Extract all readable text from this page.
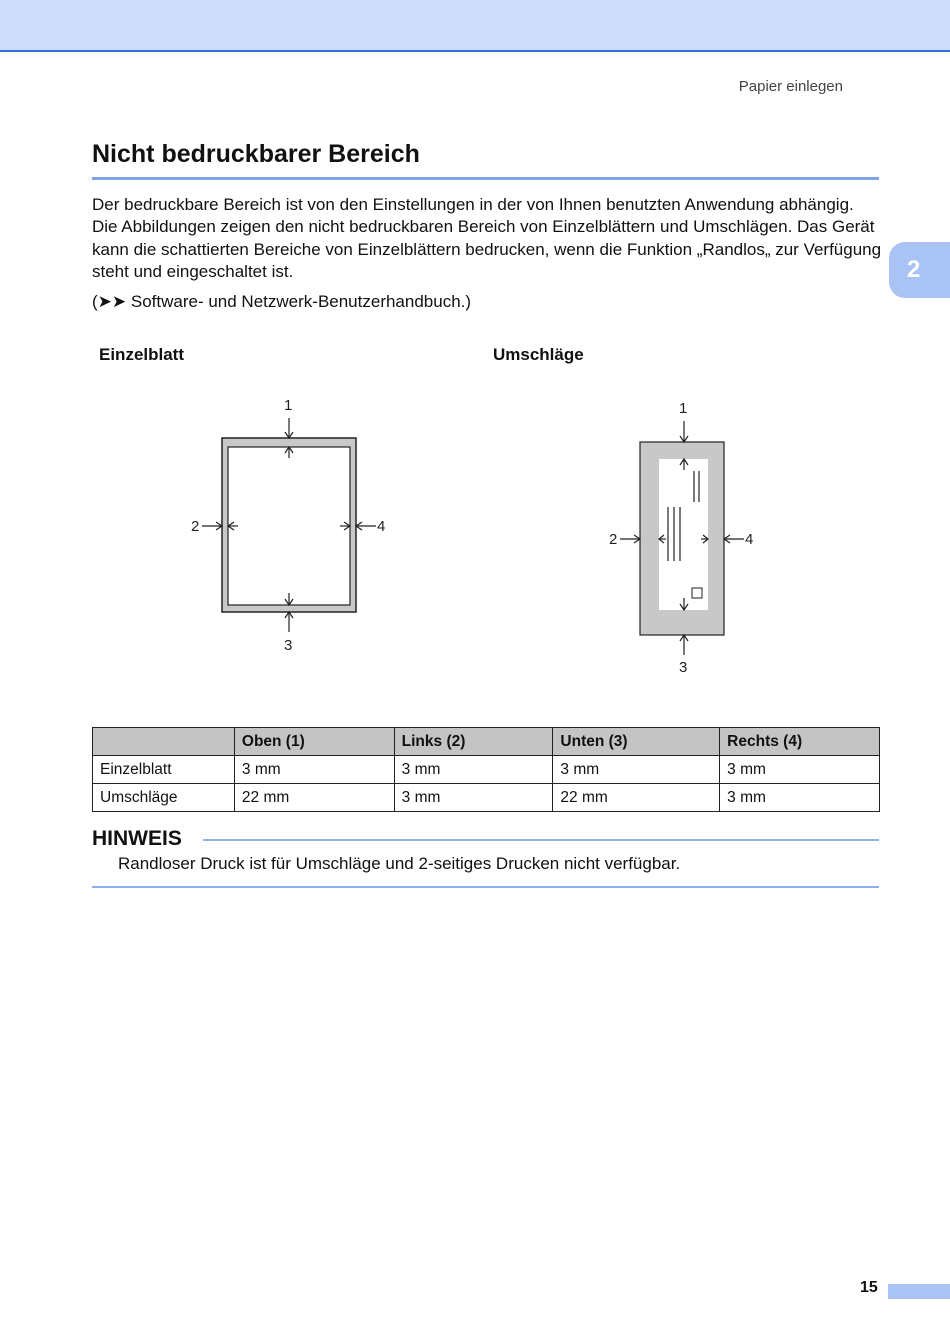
Papier einlegen
2
Nicht bedruckbarer Bereich

Der bedruckbare Bereich ist von den Einstellungen in der von Ihnen benutzten Anwendung abhängig. Die Abbildungen zeigen den nicht bedruckbaren Bereich von Einzelblättern und Umschlägen. Das Gerät kann die schattierten Bereiche von Einzelblättern bedrucken, wenn die Funktion „Randlos„ zur Verfügung steht und eingeschaltet ist.

(➤➤ Software- und Netzwerk-Benutzerhandbuch.)

Einzelblatt	Umschläge
1
2
3
4
1
2
3
4
	Oben (1)	Links (2)	Unten (3)	Rechts (4)
Einzelblatt	3 mm	3 mm	3 mm	3 mm
Umschläge	22 mm	3 mm	22 mm	3 mm
HINWEIS
Randloser Druck ist für Umschläge und 2-seitiges Drucken nicht verfügbar.
15
